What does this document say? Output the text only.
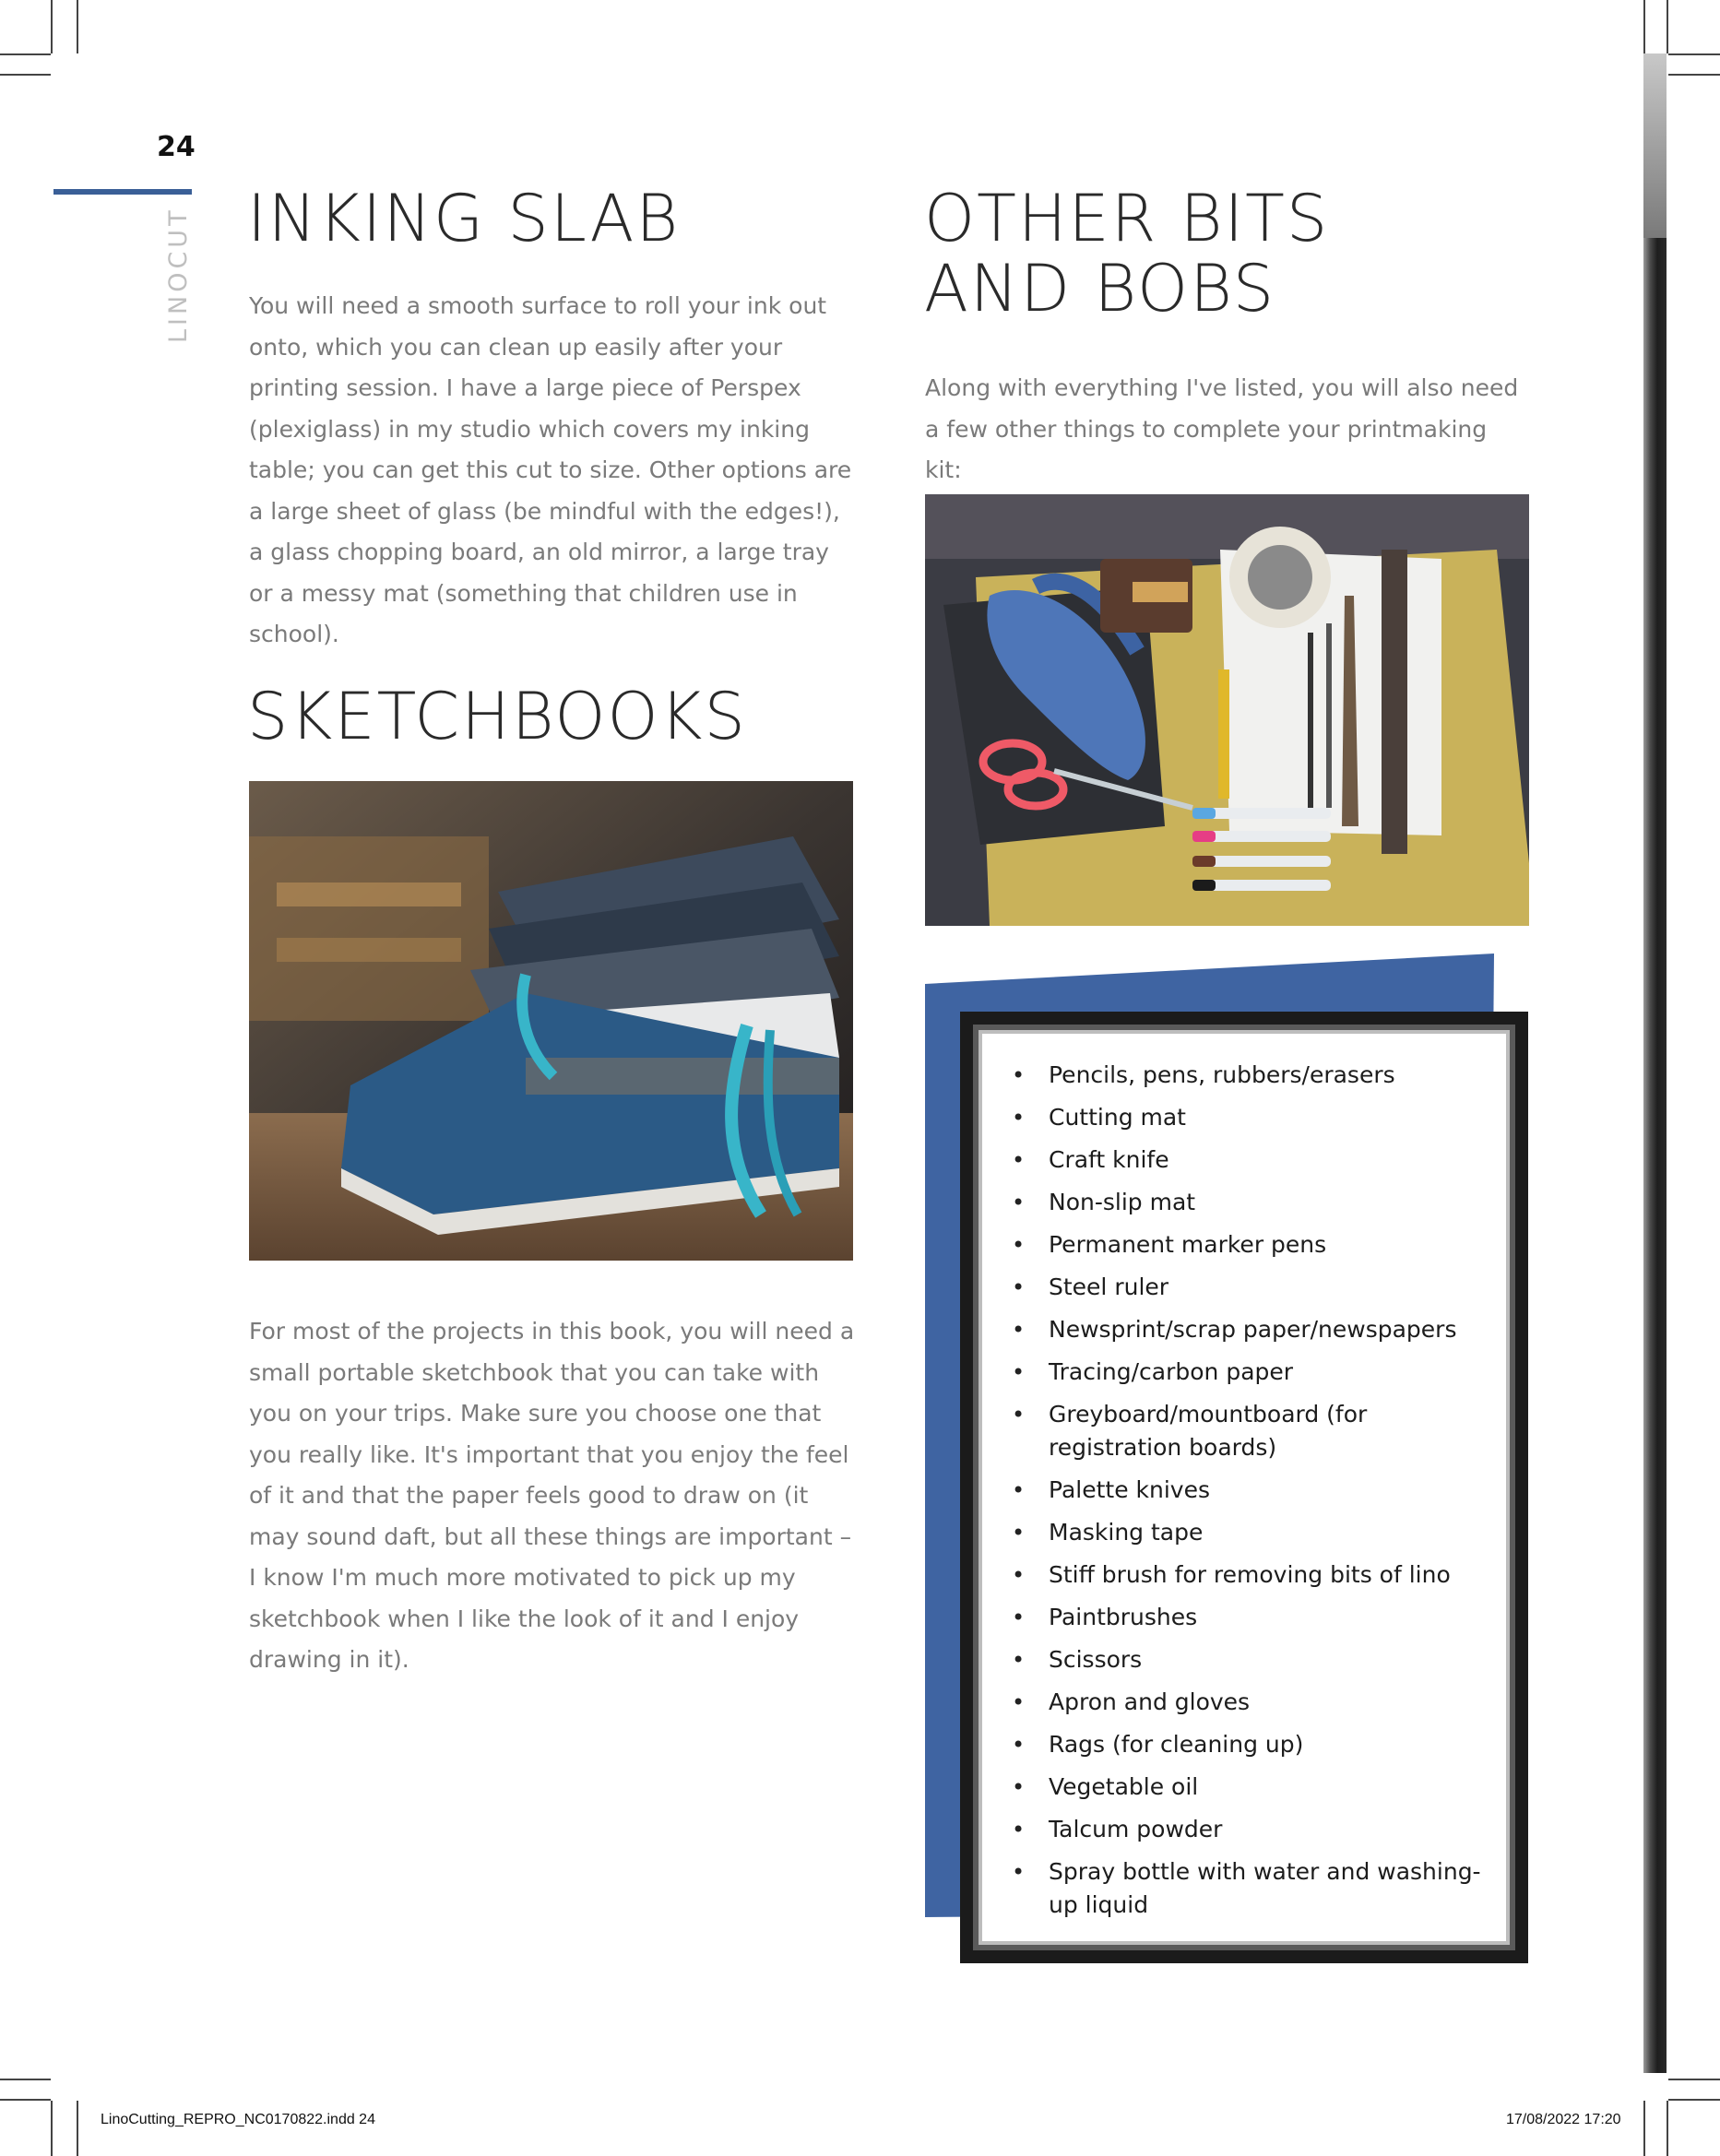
24
LINOCUT INKING SLAB

You will need a smooth surface to roll your ink out onto, which you can clean up easily after your printing session. I have a large piece of Perspex (plexiglass) in my studio which covers my inking table; you can get this cut to size. Other options are a large sheet of glass (be mindful with the edges!), a glass chopping board, an old mirror, a large tray or a messy mat (something that children use in school).

SKETCHBOOKS

For most of the projects in this book, you will need a small portable sketchbook that you can take with you on your trips. Make sure you choose one that you really like. It's important that you enjoy the feel of it and that the paper feels good to draw on (it may sound daft, but all these things are important – I know I'm much more motivated to pick up my sketchbook when I like the look of it and I enjoy drawing in it).

OTHER BITS
AND BOBS

Along with everything I've listed, you will also need a few other things to complete your printmaking kit:

• Pencils, pens, rubbers/erasers
• Cutting mat
• Craft knife
• Non-slip mat
• Permanent marker pens
• Steel ruler
• Newsprint/scrap paper/newspapers
• Tracing/carbon paper
• Greyboard/mountboard (for registration boards)
• Palette knives
• Masking tape
• Stiff brush for removing bits of lino
• Paintbrushes
• Scissors
• Apron and gloves
• Rags (for cleaning up)
• Vegetable oil
• Talcum powder
• Spray bottle with water and washing-up liquid
LinoCutting_REPRO_NC0170822.indd 24	17/08/2022 17:20
